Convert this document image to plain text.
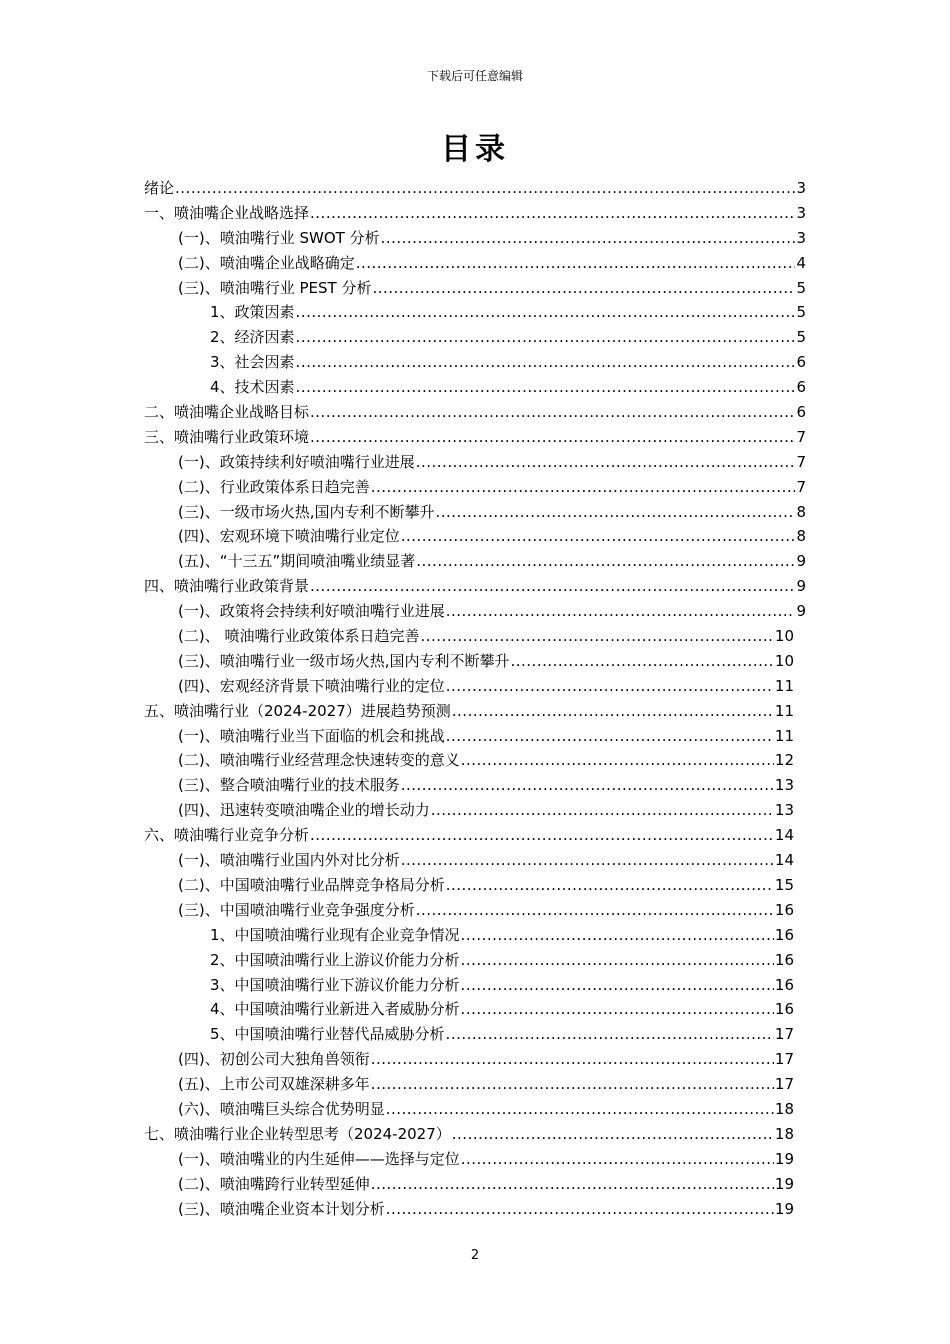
下载后可任意编辑
目录
绪论 .....	3
一、喷油嘴企业战略选择 .....	3
(一)、喷油嘴行业 SWOT 分析 .....	3
(二)、喷油嘴企业战略确定 .....	4
(三)、喷油嘴行业 PEST 分析 .....	5
1、政策因素 .....	5
2、经济因素 .....	5
3、社会因素 .....	6
4、技术因素 .....	6
二、喷油嘴企业战略目标 .....	6
三、喷油嘴行业政策环境 .....	7
(一)、政策持续利好喷油嘴行业进展 .....	7
(二)、行业政策体系日趋完善 .....	7
(三)、一级市场火热,国内专利不断攀升 .....	8
(四)、宏观环境下喷油嘴行业定位 .....	8
(五)、“十三五”期间喷油嘴业绩显著 .....	9
四、喷油嘴行业政策背景 .....	9
(一)、政策将会持续利好喷油嘴行业进展 .....	9
(二)、 喷油嘴行业政策体系日趋完善 .....	10
(三)、喷油嘴行业一级市场火热,国内专利不断攀升 .....	10
(四)、宏观经济背景下喷油嘴行业的定位 .....	11
五、喷油嘴行业（2024-2027）进展趋势预测 .....	11
(一)、喷油嘴行业当下面临的机会和挑战 .....	11
(二)、喷油嘴行业经营理念快速转变的意义 .....	12
(三)、整合喷油嘴行业的技术服务 .....	13
(四)、迅速转变喷油嘴企业的增长动力 .....	13
六、喷油嘴行业竞争分析 .....	14
(一)、喷油嘴行业国内外对比分析 .....	14
(二)、中国喷油嘴行业品牌竞争格局分析 .....	15
(三)、中国喷油嘴行业竞争强度分析 .....	16
1、中国喷油嘴行业现有企业竞争情况 .....	16
2、中国喷油嘴行业上游议价能力分析 .....	16
3、中国喷油嘴行业下游议价能力分析 .....	16
4、中国喷油嘴行业新进入者威胁分析 .....	16
5、中国喷油嘴行业替代品威胁分析 .....	17
(四)、初创公司大独角兽领衔 .....	17
(五)、上市公司双雄深耕多年 .....	17
(六)、喷油嘴巨头综合优势明显 .....	18
七、喷油嘴行业企业转型思考（2024-2027） .....	18
(一)、喷油嘴业的内生延伸——选择与定位 .....	19
(二)、喷油嘴跨行业转型延伸 .....	19
(三)、喷油嘴企业资本计划分析 .....	19
2
